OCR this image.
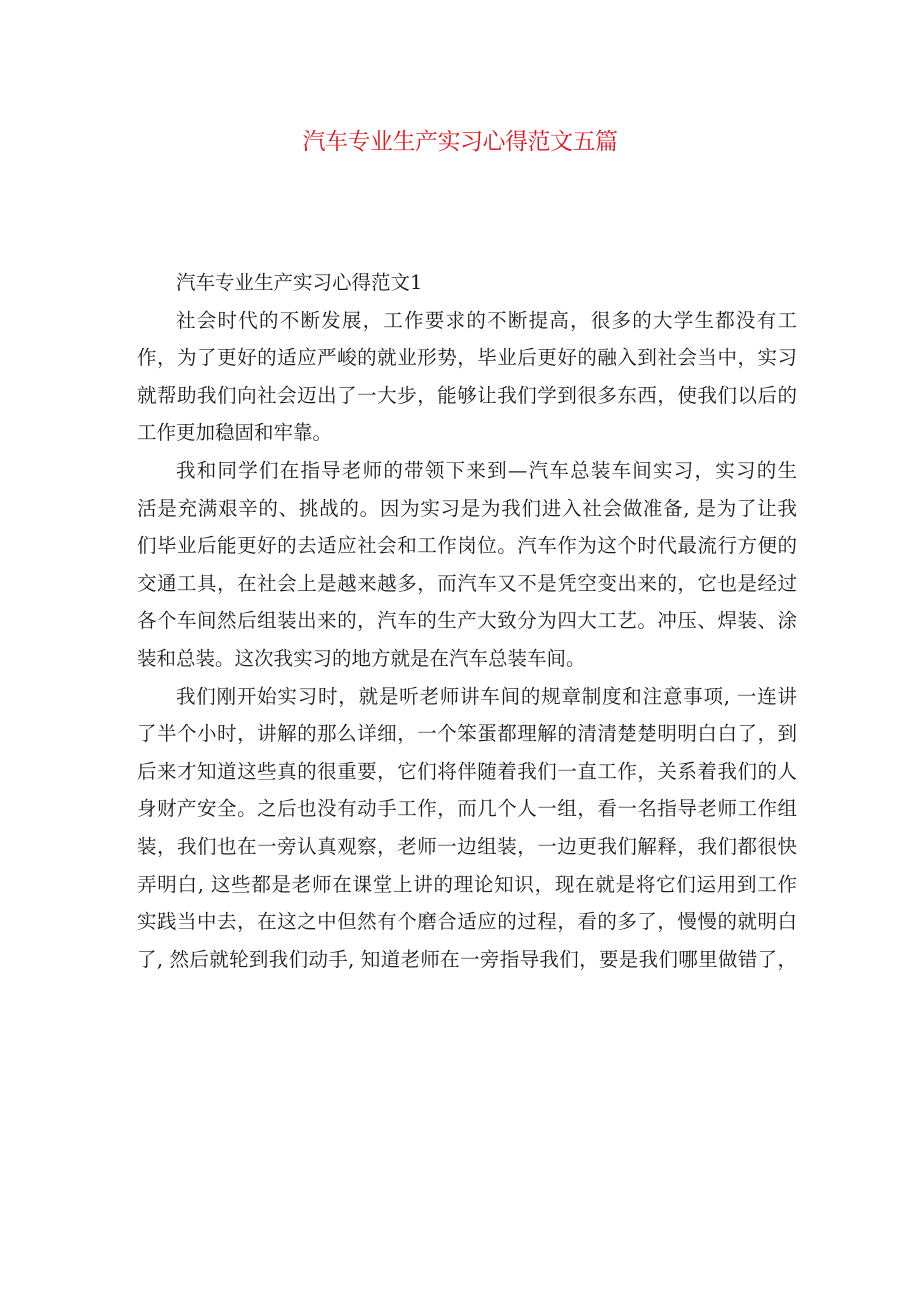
汽车专业生产实习心得范文五篇
汽车专业生产实习心得范文1
社会时代的不断发展，工作要求的不断提高，很多的大学生都没有工
作，为了更好的适应严峻的就业形势，毕业后更好的融入到社会当中，实习
就帮助我们向社会迈出了一大步，能够让我们学到很多东西，使我们以后的
工作更加稳固和牢靠。
我和同学们在指导老师的带领下来到—汽车总装车间实习，实习的生
活是充满艰辛的、挑战的。因为实习是为我们进入社会做准备, 是为了让我
们毕业后能更好的去适应社会和工作岗位。汽车作为这个时代最流行方便的
交通工具，在社会上是越来越多，而汽车又不是凭空变出来的，它也是经过
各个车间然后组装出来的，汽车的生产大致分为四大工艺。冲压、焊装、涂
装和总装。这次我实习的地方就是在汽车总装车间。
我们刚开始实习时，就是听老师讲车间的规章制度和注意事项, 一连讲
了半个小时，讲解的那么详细，一个笨蛋都理解的清清楚楚明明白白了，到
后来才知道这些真的很重要，它们将伴随着我们一直工作，关系着我们的人
身财产安全。之后也没有动手工作，而几个人一组，看一名指导老师工作组
装，我们也在一旁认真观察，老师一边组装，一边更我们解释，我们都很快
弄明白, 这些都是老师在课堂上讲的理论知识，现在就是将它们运用到工作
实践当中去，在这之中但然有个磨合适应的过程，看的多了，慢慢的就明白
了, 然后就轮到我们动手, 知道老师在一旁指导我们，要是我们哪里做错了，
